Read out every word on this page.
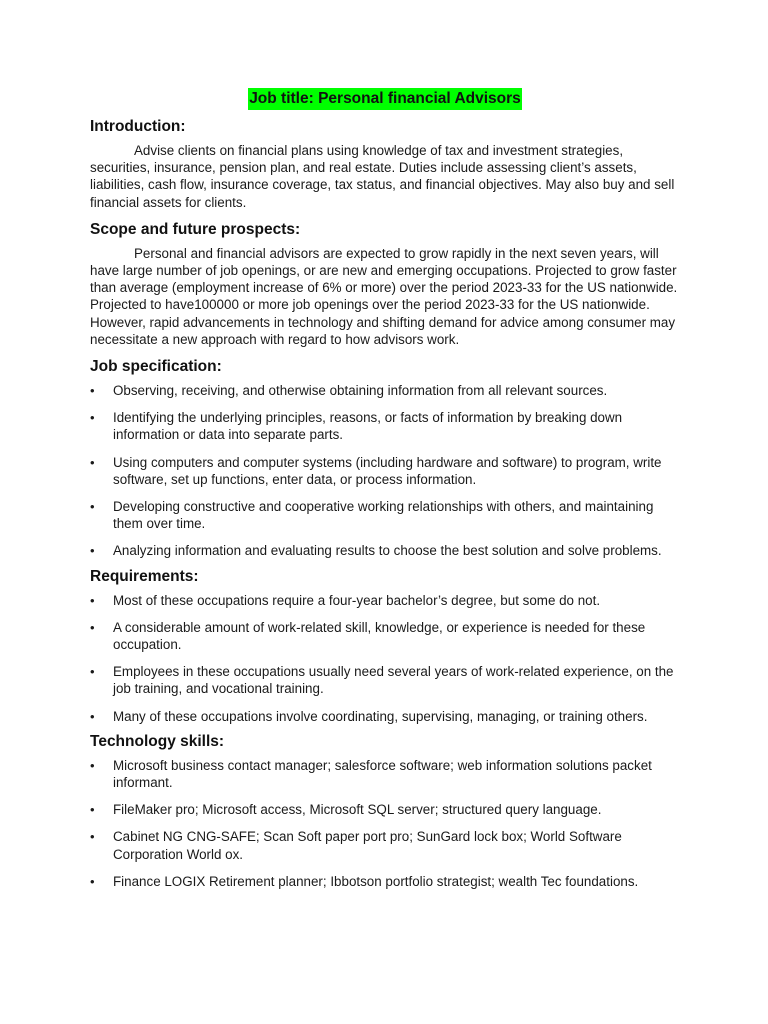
Job title: Personal financial Advisors
Introduction:

Advise clients on financial plans using knowledge of tax and investment strategies, securities, insurance, pension plan, and real estate. Duties include assessing client’s assets, liabilities, cash flow, insurance coverage, tax status, and financial objectives. May also buy and sell financial assets for clients.

Scope and future prospects:

Personal and financial advisors are expected to grow rapidly in the next seven years, will have large number of job openings, or are new and emerging occupations. Projected to grow faster than average (employment increase of 6% or more) over the period 2023-33 for the US nationwide. Projected to have100000 or more job openings over the period 2023-33 for the US nationwide. However, rapid advancements in technology and shifting demand for advice among consumer may necessitate a new approach with regard to how advisors work.

Job specification:
• Observing, receiving, and otherwise obtaining information from all relevant sources.
• Identifying the underlying principles, reasons, or facts of information by breaking down information or data into separate parts.
• Using computers and computer systems (including hardware and software) to program, write software, set up functions, enter data, or process information.
• Developing constructive and cooperative working relationships with others, and maintaining them over time.
• Analyzing information and evaluating results to choose the best solution and solve problems.
Requirements:
• Most of these occupations require a four-year bachelor’s degree, but some do not.
• A considerable amount of work-related skill, knowledge, or experience is needed for these occupation.
• Employees in these occupations usually need several years of work-related experience, on the job training, and vocational training.
• Many of these occupations involve coordinating, supervising, managing, or training others.
Technology skills:
• Microsoft business contact manager; salesforce software; web information solutions packet informant.
• FileMaker pro; Microsoft access, Microsoft SQL server; structured query language.
• Cabinet NG CNG-SAFE; Scan Soft paper port pro; SunGard lock box; World Software Corporation World ox.
• Finance LOGIX Retirement planner; Ibbotson portfolio strategist; wealth Tec foundations.
